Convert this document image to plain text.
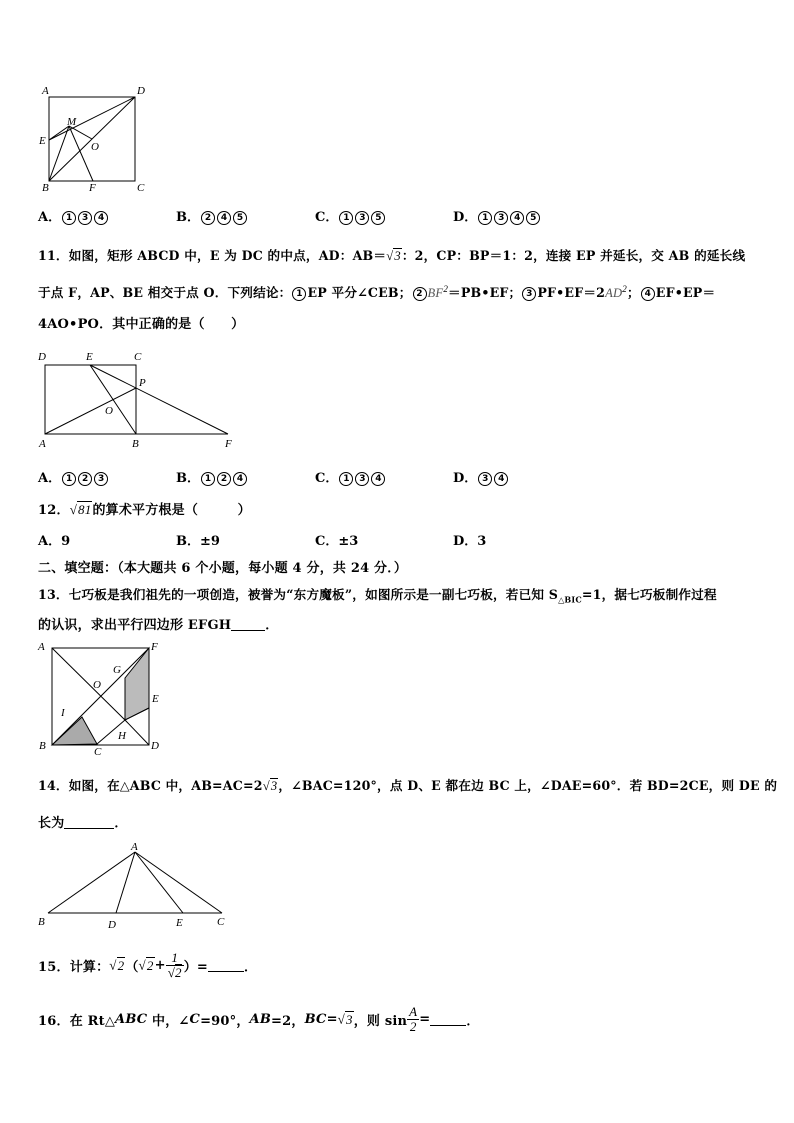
A	D
M
E	O
B	F	C
A． 1 3 4	B． 2 4 5	C． 1 3 5	D． 1 3 4 5
11．如图，矩形 ABCD 中，E 为 DC 的中点，AD：AB＝√3：2，CP：BP＝1：2，连接 EP 并延长，交 AB 的延长线
于点 F，AP、BE 相交于点 O．下列结论： 1 EP 平分∠CEB； 2 $BF^2=PB•EF$； 3 $PF•EF=2AD^2$； 4 EF•EP＝
4AO•PO．其中正确的是（　　）
D	E	C
P
O
A	B	F
A． 1 2 3	B． 1 2 4	C． 1 3 4	D． 3 4
12．√81的算术平方根是（　　　）
A．9	B．±9	C．±3	D．3
二、填空题：（本大题共 6 个小题，每小题 4 分，共 24 分．）
13．七巧板是我们祖先的一项创造，被誉为“东方魔板”，如图所示是一副七巧板，若已知 $S_{\triangle BIC}=1$，据七巧板制作过程
的认识，求出平行四边形 EFGH	．
A	F
G
O
E
I
H
B	C	D
14．如图，在△ABC 中，AB=AC=2√3，∠BAC=120°，点 D、E 都在边 BC 上，∠DAE=60°．若 BD=2CE，则 DE 的
长为	．
A
B	D	E	C
15．计算：$√2(√2+ \frac{1}{√2}$ ）=	．
16．在 Rt△ABC 中，∠C=90°，AB=2，BC=√3，则 $\sin \frac{A}{2}$ =	．
